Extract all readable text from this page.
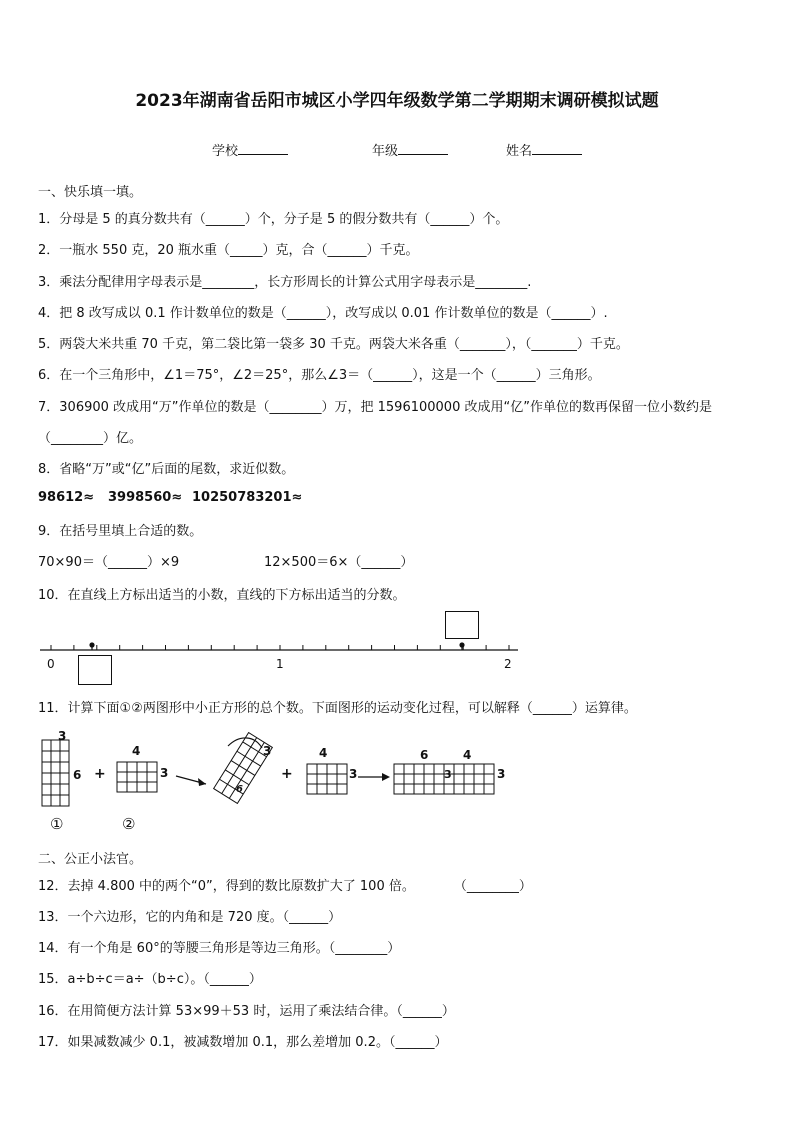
2023年湖南省岳阳市城区小学四年级数学第二学期期末调研模拟试题
学校	年级	姓名
一、快乐填一填。
1．分母是 5 的真分数共有（______）个，分子是 5 的假分数共有（______）个。
2．一瓶水 550 克，20 瓶水重（_____）克，合（______）千克。
3．乘法分配律用字母表示是________，长方形周长的计算公式用字母表示是________.
4．把 8 改写成以 0.1 作计数单位的数是（______），改写成以 0.01 作计数单位的数是（______）.
5．两袋大米共重 70 千克，第二袋比第一袋多 30 千克。两袋大米各重（_______），（_______）千克。
6．在一个三角形中，∠1＝75°，∠2＝25°，那么∠3＝（______），这是一个（______）三角形。
7．306900 改成用“万”作单位的数是（________）万，把 1596100000 改成用“亿”作单位的数再保留一位小数约是
（________）亿。
8．省略“万”或“亿”后面的尾数，求近似数。
98612≈ 3998560≈ 10250783201≈
9．在括号里填上合适的数。
70×90＝（______）×9	12×500＝6×（______）
10．在直线上方标出适当的小数，直线的下方标出适当的分数。
0	1	2
11．计算下面①②两图形中小正方形的总个数。下面图形的运动变化过程，可以解释（______）运算律。
3
6 +
4
3
3
6
+
4
3
6	4
3	3
①	②
二、公正小法官。
12．去掉 4.800 中的两个“0”，得到的数比原数扩大了 100 倍。　　　　（________）
13．一个六边形，它的内角和是 720 度。（______）
14．有一个角是 60°的等腰三角形是等边三角形。（________）
15．a÷b÷c＝a÷（b÷c）。（______）
16．在用简便方法计算 53×99＋53 时，运用了乘法结合律。（______）
17．如果减数减少 0.1，被减数增加 0.1，那么差增加 0.2。（______）
